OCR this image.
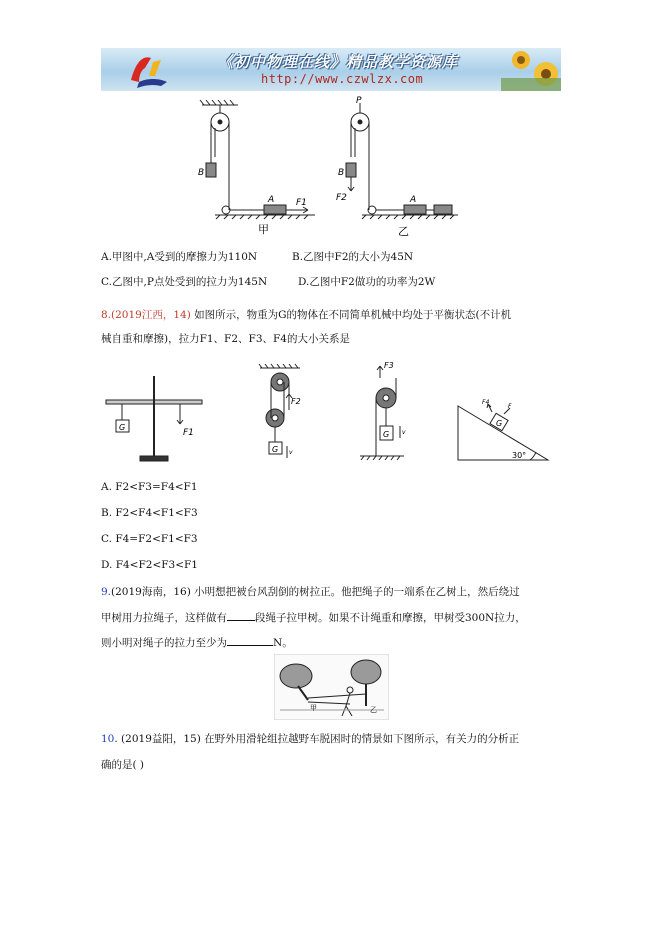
《初中物理在线》精品教学资源库
http://www.czwlzx.com
B
A F1
甲
P
B
F2	A
乙
A.甲图中,A受到的摩擦力为110N	B.乙图中F2的大小为45N
C.乙图中,P点处受到的拉力为145N	D.乙图中F2做功的功率为2W
8.(2019江西，14) 如图所示，物重为G的物体在不同简单机械中均处于平衡状态(不计机
械自重和摩擦)，拉力F1、F2、F3、F4的大小关系是
G
F1
F2
v
G
F3
v
G
F4
F
G
30°
A. F2<F3=F4<F1
B. F2<F4<F1<F3
C. F4=F2<F1<F3
D. F4<F2<F3<F1
9.(2019海南，16) 小明想把被台风刮倒的树拉正。他把绳子的一端系在乙树上，然后绕过
甲树用力拉绳子，这样做有	段绳子拉甲树。如果不计绳重和摩擦，甲树受300N拉力，
则小明对绳子的拉力至少为	N。
甲	乙
10. (2019益阳，15) 在野外用滑轮组拉越野车脱困时的情景如下图所示，有关力的分析正
确的是( )
